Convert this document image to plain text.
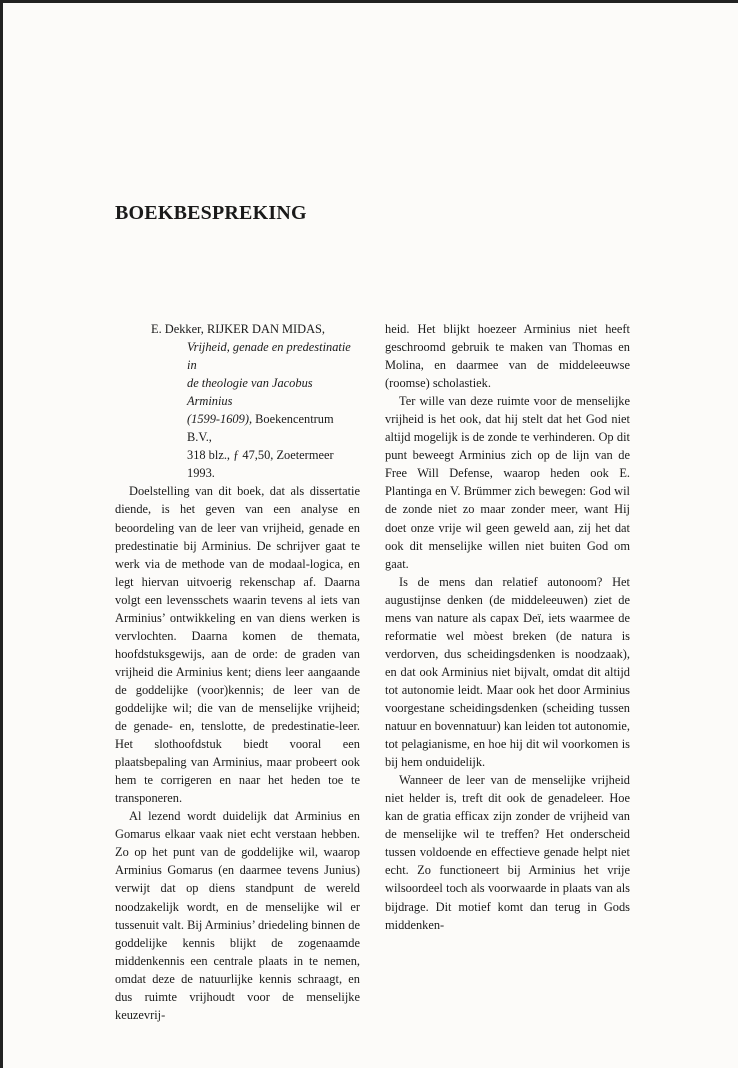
BOEKBESPREKING
E. Dekker, RIJKER DAN MIDAS,
Vrijheid, genade en predestinatie in
de theologie van Jacobus Arminius
(1599-1609), Boekencentrum B.V.,
318 blz., ƒ 47,50, Zoetermeer 1993.

Doelstelling van dit boek, dat als dissertatie diende, is het geven van een analyse en beoordeling van de leer van vrijheid, genade en predestinatie bij Arminius. De schrijver gaat te werk via de methode van de modaal-logica, en legt hiervan uitvoerig rekenschap af. Daarna volgt een levensschets waarin tevens al iets van Arminius’ ontwikkeling en van diens werken is vervlochten. Daarna komen de themata, hoofdstuksgewijs, aan de orde: de graden van vrijheid die Arminius kent; diens leer aangaande de goddelijke (voor)kennis; de leer van de goddelijke wil; die van de menselijke vrijheid; de genade- en, tenslotte, de predestinatie-leer. Het slothoofdstuk biedt vooral een plaatsbepaling van Arminius, maar probeert ook hem te corrigeren en naar het heden toe te transponeren.

Al lezend wordt duidelijk dat Arminius en Gomarus elkaar vaak niet echt verstaan hebben. Zo op het punt van de goddelijke wil, waarop Arminius Gomarus (en daarmee tevens Junius) verwijt dat op diens standpunt de wereld noodzakelijk wordt, en de menselijke wil er tussenuit valt. Bij Arminius’ driedeling binnen de goddelijke kennis blijkt de zogenaamde middenkennis een centrale plaats in te nemen, omdat deze de natuurlijke kennis schraagt, en dus ruimte vrijhoudt voor de menselijke keuzevrij-

heid. Het blijkt hoezeer Arminius niet heeft geschroomd gebruik te maken van Thomas en Molina, en daarmee van de middeleeuwse (roomse) scholastiek.

Ter wille van deze ruimte voor de menselijke vrijheid is het ook, dat hij stelt dat het God niet altijd mogelijk is de zonde te verhinderen. Op dit punt beweegt Arminius zich op de lijn van de Free Will Defense, waarop heden ook E. Plantinga en V. Brümmer zich bewegen: God wil de zonde niet zo maar zonder meer, want Hij doet onze vrije wil geen geweld aan, zij het dat ook dit menselijke willen niet buiten God om gaat.

Is de mens dan relatief autonoom? Het augustijnse denken (de middeleeuwen) ziet de mens van nature als capax Deï, iets waarmee de reformatie wel mòest breken (de natura is verdorven, dus scheidingsdenken is noodzaak), en dat ook Arminius niet bijvalt, omdat dit altijd tot autonomie leidt. Maar ook het door Arminius voorgestane scheidingsdenken (scheiding tussen natuur en bovennatuur) kan leiden tot autonomie, tot pelagianisme, en hoe hij dit wil voorkomen is bij hem onduidelijk.

Wanneer de leer van de menselijke vrijheid niet helder is, treft dit ook de genadeleer. Hoe kan de gratia efficax zijn zonder de vrijheid van de menselijke wil te treffen? Het onderscheid tussen voldoende en effectieve genade helpt niet echt. Zo functioneert bij Arminius het vrije wilsoordeel toch als voorwaarde in plaats van als bijdrage. Dit motief komt dan terug in Gods middenken-
